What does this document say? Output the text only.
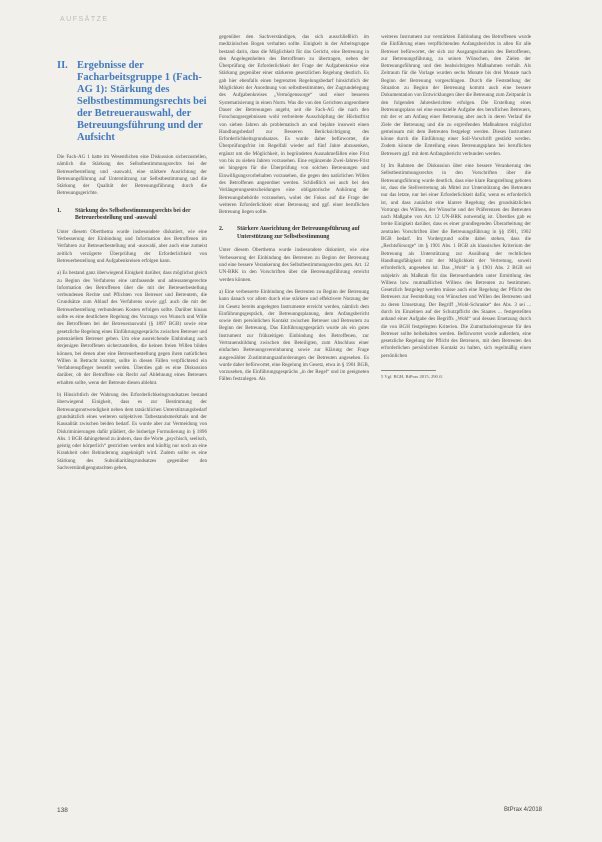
AUFSÄTZE
II. Ergebnisse der Facharbeitsgruppe 1 (Fach-AG 1): Stärkung des Selbstbestimmungsrechts bei der Betreuerauswahl, der Betreuungsführung und der Aufsicht

Die Fach-AG 1 hatte im Wesentlichen eine Diskussion sicherzustellen, nämlich die Stärkung des Selbstbestimmungsrechts bei der Betreuerbestellung und -auswahl, eine stärkere Ausrichtung der Betreuungsführung auf Unterstützung zur Selbstbestimmung und die Stärkung der Qualität der Betreuungsführung durch die Betreuungsgerichte.

1.	Stärkung des Selbstbestimmungsrechts bei der Betreuerbestellung und -auswahl

Unter diesem Oberthema wurde insbesondere diskutiert, wie eine Verbesserung der Einbindung und Information des Betroffenen im Verfahren zur Betreuerbestellung und -auswahl, aber auch eine zumeist zeitlich verzögerte Überprüfung der Erforderlichkeit von Betreuerbestellung und Aufgabenkreisen erfolgen kann.

a) Es bestand ganz überwiegend Einigkeit darüber, dass möglichst gleich zu Beginn des Verfahrens eine umfassende und adressatengerechte Information des Betroffenen über die mit der Betreuerbestellung verbundenen Rechte und Pflichten von Betreuer und Betreutem, die Grundsätze zum Ablauf des Verfahrens sowie ggf. auch die mit der Betreuerbestellung verbundenen Kosten erfolgen sollte. Darüber hinaus sollte es eine deutlichere Regelung des Vorrangs von Wunsch und Wille des Betroffenen bei der Betreuerauswahl (§ 1897 BGB) sowie eine gesetzliche Regelung eines Einführungsgesprächs zwischen Betreuer und potenziellem Betreuer geben. Um eine ausreichende Einbindung auch derjenigen Betroffenen sicherzustellen, die keinen freien Willen bilden können, bei denen aber eine Betreuerbestellung gegen ihren natürlichen Willen in Betracht kommt, sollte in diesen Fällen verpflichtend ein Verfahrenspfleger bestellt werden. Überdies gab es eine Diskussion darüber, ob der Betroffene ein Recht auf Ablehnung eines Betreuers erhalten sollte, wenn der Betreute diesen ablehnt.

b) Hinsichtlich der Wahrung des Erforderlichkeitsgrundsatzes bestand überwiegend Einigkeit, dass es zur Bestimmung der Betreuungsnotwendigkeit neben dem tatsächlichen Unterstützungsbedarf grundsätzlich eines weiteren subjektiven Tatbestandsmerkmals und der Kausalität zwischen beiden bedarf. Es wurde aber zur Vermeidung von Diskriminierungen dafür plädiert, die bisherige Formulierung in § 1896 Abs. 1 BGB dahingehend zu ändern, dass die Worte „psychisch, seelisch, geistig oder körperlich“ gestrichen werden und künftig nur noch an eine Krankheit oder Behinderung angeknüpft wird. Zudem sollte es eine Stärkung des Subsidiaritätsgrundsatzes gegenüber den Sachverständigengutachten geben,

gegenüber den Sachverständigen, das sich ausschließlich im medizinischen Bogen verhalten sollte. Einigkeit in der Arbeitsgruppe bestand darin, dass die Möglichkeit für das Gericht, eine Betreuung in den Angelegenheiten des Betroffenen zu übertragen, neben der Überprüfung der Erforderlichkeit der Frage der Aufgabenkreise eine Stärkung gegenüber einer stärkeren gesetzlichen Regelung deutlich. Es gab hier ebenfalls einen begrenzten Regelungsbedarf hinsichtlich der Möglichkeit der Anordnung von selbstbestimmten, der Zugrundelegung des Aufgabenkreises „Vermögenssorge“ und einer besseren Systematisierung in einen Norm. Was die von den Gerichten angeordnete Dauer der Betreuungen angeht, seit die Fach-AG die nach den Forschungsergebnissen wohl verbreitete Ausschöpfung der Höchstfrist von sieben Jahren als problematisch an und bejahte insoweit einen Handlungsbedarf zur Besseren Berücksichtigung des Erforderlichkeitsgrundsatzes. Es wurde daher befürwortet, die Überprüfungsfrist im Regelfall wieder auf fünf Jahre abzusenken, ergänzt um die Möglichkeit, in begründeten Ausnahmefällen eine Frist von bis zu sieben Jahren vorzusehen. Eine ergänzende Zwei-Jahres-Frist sei hingegen für die Überprüfung von solchen Betreuungen und Einwilligungsvorbehalten vorzusehen, die gegen den natürlichen Willen des Betroffenen angeordnet werden. Schließlich sei auch bei den Verlängerungsentscheidungen eine obligatorische Anhörung der Betreuungsbehörde vorzusehen, wobei der Fokus auf die Frage der weiteren Erforderlichkeit einer Betreuung und ggf. einer beruflichen Betreuung liegen sollte.

2.	Stärkere Ausrichtung der Betreuungsführung auf Unterstützung zur Selbstbestimmung

Unter diesem Oberthema wurde insbesondere diskutiert, wie eine Verbesserung der Einbindung des Betreuten zu Beginn der Betreuung und eine bessere Verankerung des Selbstbestimmungsrechts gem. Art. 12 UN-BRK in den Vorschriften über die Betreuungsführung erreicht werden können.

a) Eine verbesserte Einbindung des Betreuten zu Beginn der Betreuung kann danach vor allem durch eine stärkere und effektivere Nutzung der im Gesetz bereits angelegten Instrumente erreicht werden, nämlich dem Einführungsgespräch, der Betreuungsplanung, dem Anfangsbericht sowie dem persönlichen Kontakt zwischen Betreuer und Betreutem zu Beginn der Betreuung. Das Einführungsgespräch wurde als ein gutes Instrument zur frühzeitigen Einbindung des Betroffenen, zur Vertrauensbildung zwischen den Beteiligten, zum Abschluss einer einfachen Betreuungsvereinbarung sowie zur Klärung der Frage ausgewählter Zustimmungsanforderungen der Betreuten angesehen. Es wurde daher befürwortet, eine Regelung im Gesetz, etwa in § 1901 BGB, vorzusehen, die Einführungsgesprächs „in der Regel“ und im geeigneten Fällen festzulegen. Als

weiteres Instrument zur verstärkten Einbindung des Betroffenen wurde die Einführung eines verpflichtenden Anfangsberichts in allen für alle Betreuer befürwortet, der sich zur Ausgangssituation des Betroffenen, zur Betreuungsführung, zu seinen Wünschen, den Zielen der Betreuungsführung und den beabsichtigten Maßnahmen verhält. Als Zeitraum für die Vorlage wurden sechs Monate bis drei Monate nach Beginn der Betreuung vorgeschlagen. Durch die Feststellung der Situation zu Beginn der Betreuung kommt auch eine bessere Dokumentation von Entwicklungen über die Betreuung zum Zeitpunkt in den folgenden Jahresberichten erfolgen. Die Erstellung eines Betreuungsplans sei eine essenzielle Aufgabe des beruflichen Betreuers, mit der er am Anfang einer Betreuung aber auch in deren Verlauf die Ziele der Betreuung und die zu ergreifenden Maßnahmen möglichst gemeinsam mit dem Betreuten festgelegt werden. Dieses Instrument könne durch die Einführung einer Soll-Vorschrift gestärkt werden. Zudem könnte die Erstellung eines Betreuungsplans bei beruflichen Betreuern ggf. mit dem Anfangsbericht verbunden werden.

b) Im Rahmen der Diskussion über eine bessere Verankerung des Selbstbestimmungsrechts in den Vorschriften über die Betreuungsführung wurde deutlich, dass eine klare Rangstellung geboten ist, dass die Stellvertretung als Mittel zur Unterstützung des Betreuten nur das letzte, nur bei einer Erforderlichkeit dafür, wenn es erforderlich ist, und dass zunächst eine klarere Regelung des grundsätzlichen Vorrangs des Willens, der Wünsche und der Präferenzen des Betreuten nach Maßgabe von Art. 12 UN-BRK notwendig ist. Überdies gab es breite Einigkeit darüber, dass es einer grundlegenden Überarbeitung der zentralen Vorschriften über die Betreuungsführung in §§ 1901, 1902 BGB bedarf. Im Vordergrund sollte dabei stehen, dass die „Rechtsfürsorge“ im § 1901 Abs. 1 BGB als klassisches Kriterium der Betreuung als Unterstützung zur Ausübung der rechtlichen Handlungsfähigkeit mit der Möglichkeit der Vertretung, soweit erforderlich, angesehen ist. Das „Wohl“ in § 1901 Abs. 2 BGB sei subjektiv als Maßstab für das Betreuerhandeln unter Ermittlung des Willens bzw. mutmaßlichen Willens des Betreuten zu bestimmen. Gesetzlich festgelegt werden müsse auch eine Regelung der Pflicht des Betreuers zur Feststellung von Wünschen und Willen des Betreuten und zu deren Umsetzung. Der Begriff „Wohl-Schranke“ des Abs. 3 sei ... durch im Einzelnen auf der Schutzpflicht des Staates ... festgestellten anhand einer Aufgabe des Begriffs „Wohl“ und dessen Ersetzung durch die von BGH festgelegten Kriterien. Die Zumutbarkeitsgrenze für den Betreuer sollte beibehalten werden. Befürwortet wurde außerdem, eine gesetzliche Regelung der Pflicht des Betreuers, mit dem Betreuten den erforderlichen persönlichen Kontakt zu halten, sich regelmäßig einen persönlichen

5 Vgl. BGH, BtPrax 2015, 290 ff.
138	BtPrax 4/2018
